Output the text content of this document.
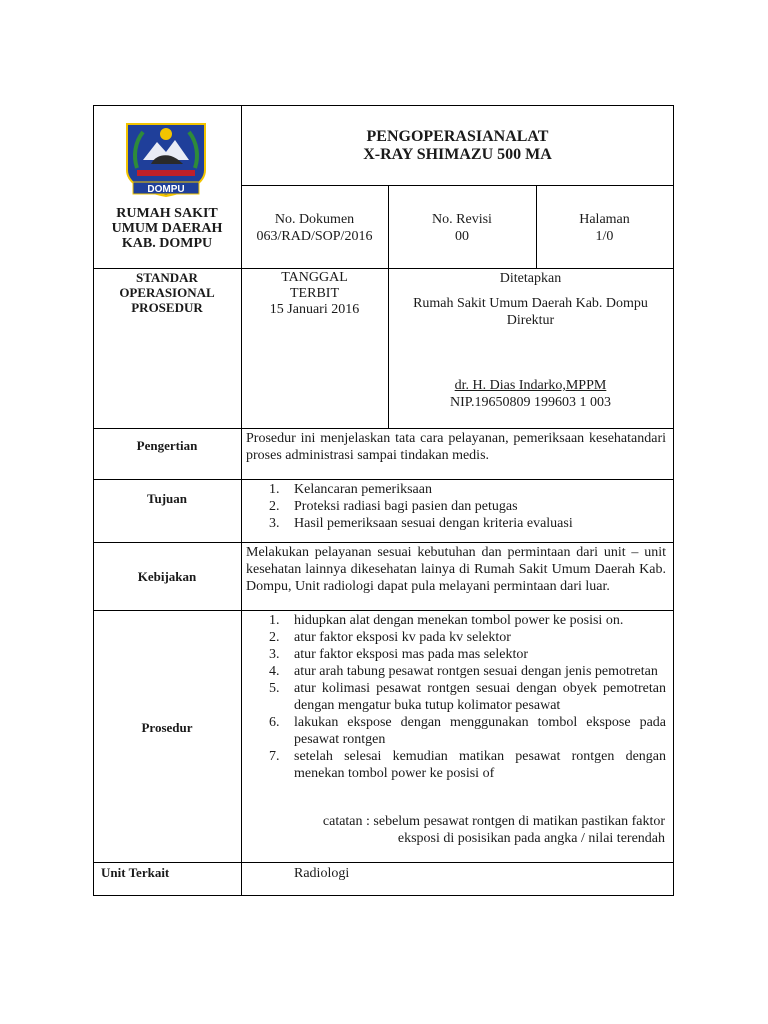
DOMPU
RUMAH SAKIT
UMUM DAERAH
KAB. DOMPU
PENGOPERASIANALAT
X-RAY SHIMAZU 500 MA
No. Dokumen
063/RAD/SOP/2016
No. Revisi
00
Halaman
1/0
STANDAR
OPERASIONAL
PROSEDUR
TANGGAL
TERBIT
15 Januari 2016
Ditetapkan
Rumah Sakit Umum Daerah Kab. Dompu
Direktur
dr. H. Dias Indarko,MPPM
NIP.19650809 199603 1 003
Pengertian	Prosedur ini menjelaskan tata cara pelayanan, pemeriksaan kesehatandari proses administrasi sampai tindakan medis.
Tujuan
1. Kelancaran pemeriksaan
2. Proteksi radiasi bagi pasien dan petugas
3. Hasil pemeriksaan sesuai dengan kriteria evaluasi
Kebijakan
Melakukan pelayanan sesuai kebutuhan dan permintaan dari unit – unit kesehatan lainnya dikesehatan lainya di Rumah Sakit Umum Daerah Kab. Dompu, Unit radiologi dapat pula melayani permintaan dari luar.
Prosedur
1. hidupkan alat dengan menekan tombol power ke posisi on.
2. atur faktor eksposi kv pada kv selektor
3. atur faktor eksposi mas pada mas selektor
4. atur arah tabung pesawat rontgen sesuai dengan jenis pemotretan
5. atur kolimasi pesawat rontgen sesuai dengan obyek pemotretan dengan mengatur buka tutup kolimator pesawat
6. lakukan ekspose dengan menggunakan tombol ekspose pada pesawat rontgen
7. setelah selesai kemudian matikan pesawat rontgen dengan menekan tombol power ke posisi of
catatan : sebelum pesawat rontgen di matikan pastikan faktor
eksposi di posisikan pada angka / nilai terendah
Unit Terkait	Radiologi
